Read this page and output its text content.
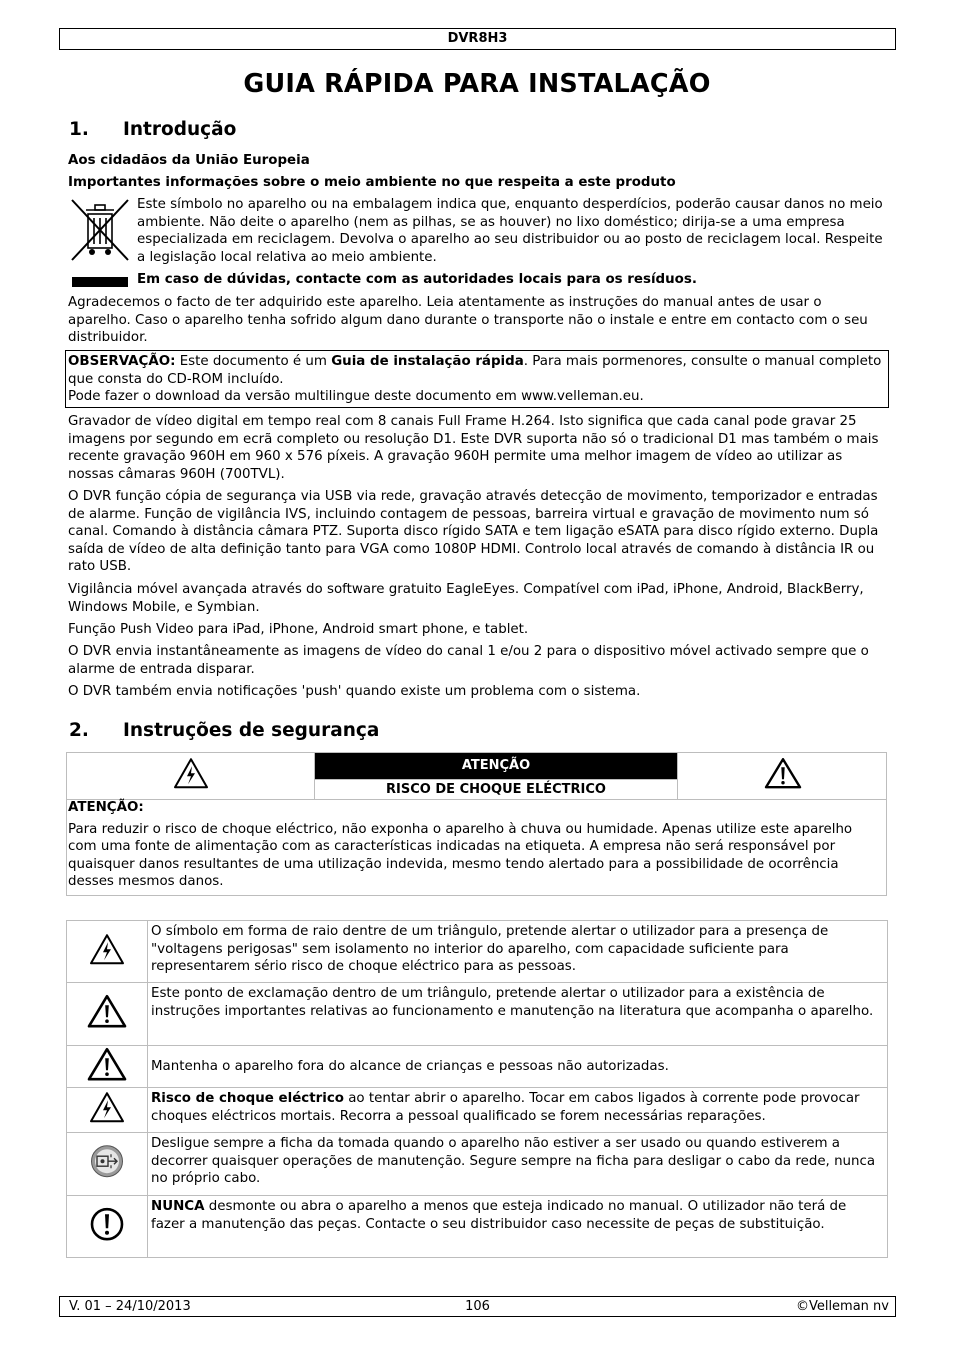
DVR8H3
GUIA RÁPIDA PARA INSTALAÇÃO
1. Introdução

Aos cidadãos da União Europeia

Importantes informações sobre o meio ambiente no que respeita a este produto

Este símbolo no aparelho ou na embalagem indica que, enquanto desperdícios, poderão causar danos no meio ambiente. Não deite o aparelho (nem as pilhas, se as houver) no lixo doméstico; dirija-se a uma empresa especializada em reciclagem. Devolva o aparelho ao seu distribuidor ou ao posto de reciclagem local. Respeite a legislação local relativa ao meio ambiente.

Em caso de dúvidas, contacte com as autoridades locais para os resíduos.

Agradecemos o facto de ter adquirido este aparelho. Leia atentamente as instruções do manual antes de usar o aparelho. Caso o aparelho tenha sofrido algum dano durante o transporte não o instale e entre em contacto com o seu distribuidor.

OBSERVAÇÃO: Este documento é um Guia de instalação rápida. Para mais pormenores, consulte o manual completo que consta do CD-ROM incluído.

Pode fazer o download da versão multilingue deste documento em www.velleman.eu.

Gravador de vídeo digital em tempo real com 8 canais Full Frame H.264. Isto significa que cada canal pode gravar 25 imagens por segundo em ecrã completo ou resolução D1. Este DVR suporta não só o tradicional D1 mas também o mais recente gravação 960H em 960 x 576 píxeis. A gravação 960H permite uma melhor imagem de vídeo ao utilizar as nossas câmaras 960H (700TVL).

O DVR função cópia de segurança via USB via rede, gravação através detecção de movimento, temporizador e entradas de alarme. Função de vigilância IVS, incluindo contagem de pessoas, barreira virtual e gravação de movimento num só canal. Comando à distância câmara PTZ. Suporta disco rígido SATA e tem ligação eSATA para disco rígido externo. Dupla saída de vídeo de alta definição tanto para VGA como 1080P HDMI. Controlo local através de comando à distância IR ou rato USB.

Vigilância móvel avançada através do software gratuito EagleEyes. Compatível com iPad, iPhone, Android, BlackBerry, Windows Mobile, e Symbian.

Função Push Video para iPad, iPhone, Android smart phone, e tablet.

O DVR envia instantâneamente as imagens de vídeo do canal 1 e/ou 2 para o dispositivo móvel activado sempre que o alarme de entrada disparar.

O DVR também envia notificações 'push' quando existe um problema com o sistema.

2. Instruções de segurança
ATENÇÃO
RISCO DE CHOQUE ELÉCTRICO

ATENÇÃO:

Para reduzir o risco de choque eléctrico, não exponha o aparelho à chuva ou humidade. Apenas utilize este aparelho com uma fonte de alimentação com as características indicadas na etiqueta. A empresa não será responsável por quaisquer danos resultantes de uma utilização indevida, mesmo tendo alertado para a possibilidade de ocorrência desses mesmos danos.

	O símbolo em forma de raio dentre de um triângulo, pretende alertar o utilizador para a presença de "voltagens perigosas" sem isolamento no interior do aparelho, com capacidade suficiente para representarem sério risco de choque eléctrico para as pessoas.

	Este ponto de exclamação dentro de um triângulo, pretende alertar o utilizador para a existência de instruções importantes relativas ao funcionamento e manutenção na literatura que acompanha o aparelho.

	Mantenha o aparelho fora do alcance de crianças e pessoas não autorizadas.

	Risco de choque eléctrico ao tentar abrir o aparelho. Tocar em cabos ligados à corrente pode provocar choques eléctricos mortais. Recorra a pessoal qualificado se forem necessárias reparações.

	Desligue sempre a ficha da tomada quando o aparelho não estiver a ser usado ou quando estiverem a decorrer quaisquer operações de manutenção. Segure sempre na ficha para desligar o cabo da rede, nunca no próprio cabo.

	NUNCA desmonte ou abra o aparelho a menos que esteja indicado no manual. O utilizador não terá de fazer a manutenção das peças. Contacte o seu distribuidor caso necessite de peças de substituição.
V. 01 – 24/10/2013	106	©Velleman nv
